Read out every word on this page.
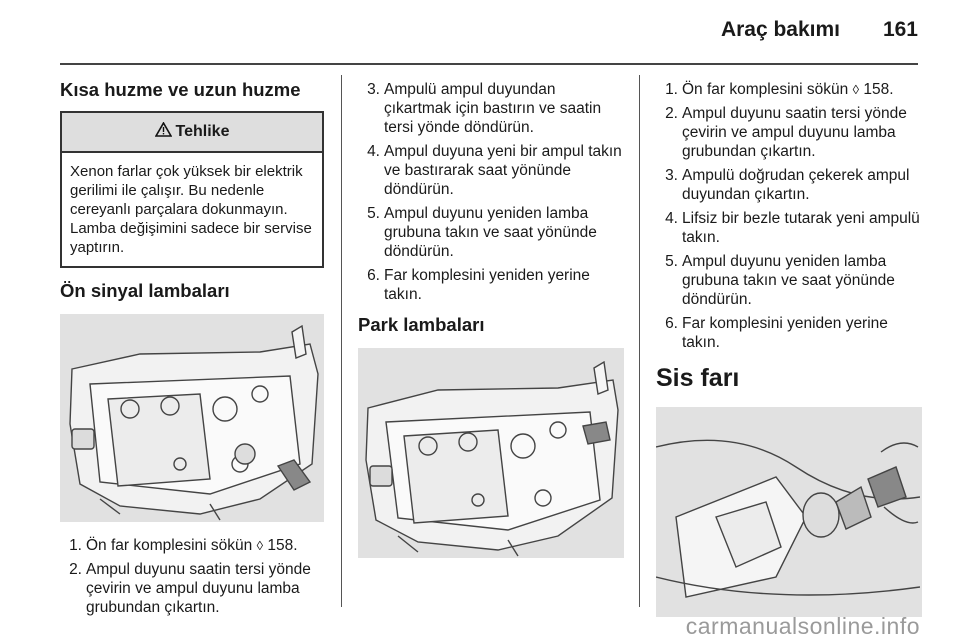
Araç bakımı 161
Kısa huzme ve uzun huzme
Tehlike
Xenon farlar çok yüksek bir elektrik gerilimi ile çalışır. Bu nedenle cereyanlı parçalara dokunmayın. Lamba değişimini sadece bir servise yaptırın.
Ön sinyal lambaları
1. Ön far komplesini sökün ◊ 158.
2. Ampul duyunu saatin tersi yönde çevirin ve ampul duyunu lamba grubundan çıkartın.
3. Ampulü ampul duyundan çıkartmak için bastırın ve saatin tersi yönde döndürün.
4. Ampul duyuna yeni bir ampul takın ve bastırarak saat yönünde döndürün.
5. Ampul duyunu yeniden lamba grubuna takın ve saat yönünde döndürün.
6. Far komplesini yeniden yerine takın.
Park lambaları
1. Ön far komplesini sökün ◊ 158.
2. Ampul duyunu saatin tersi yönde çevirin ve ampul duyunu lamba grubundan çıkartın.
3. Ampulü doğrudan çekerek ampul duyundan çıkartın.
4. Lifsiz bir bezle tutarak yeni ampulü takın.
5. Ampul duyunu yeniden lamba grubuna takın ve saat yönünde döndürün.
6. Far komplesini yeniden yerine takın.
Sis farı
carmanualsonline.info
